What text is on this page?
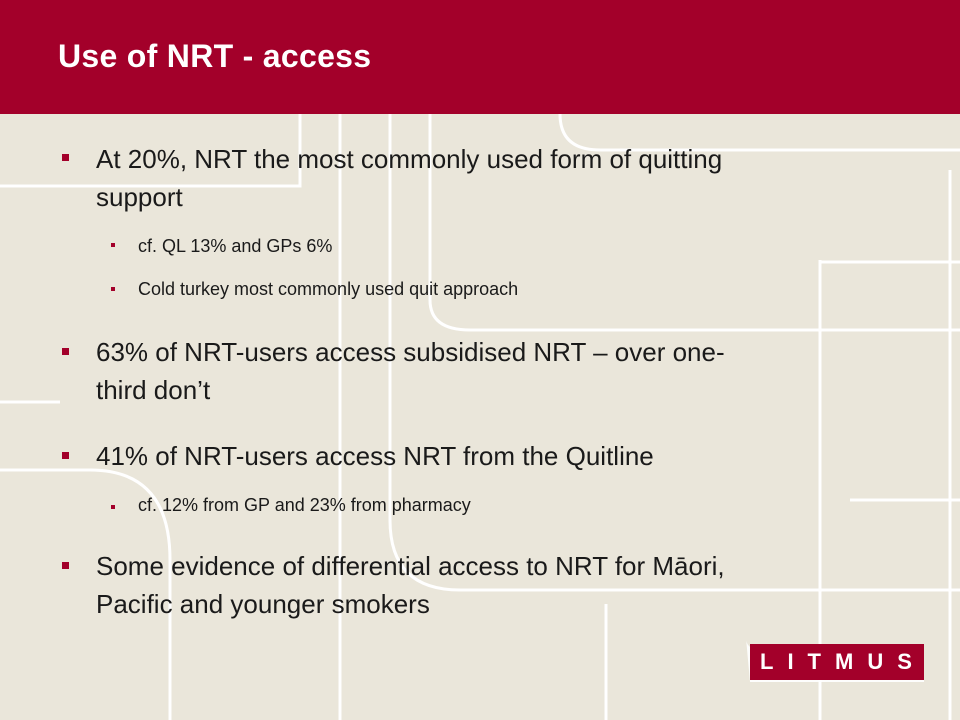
Use of NRT - access
At 20%, NRT the most commonly used form of quitting
support
cf. QL 13% and GPs 6%
Cold turkey most commonly used quit approach
63% of NRT-users access subsidised NRT – over one-
third don’t
41% of NRT-users access NRT from the Quitline
cf. 12% from GP and 23% from pharmacy
Some evidence of differential access to NRT for Māori,
Pacific and younger smokers
LITMUS
